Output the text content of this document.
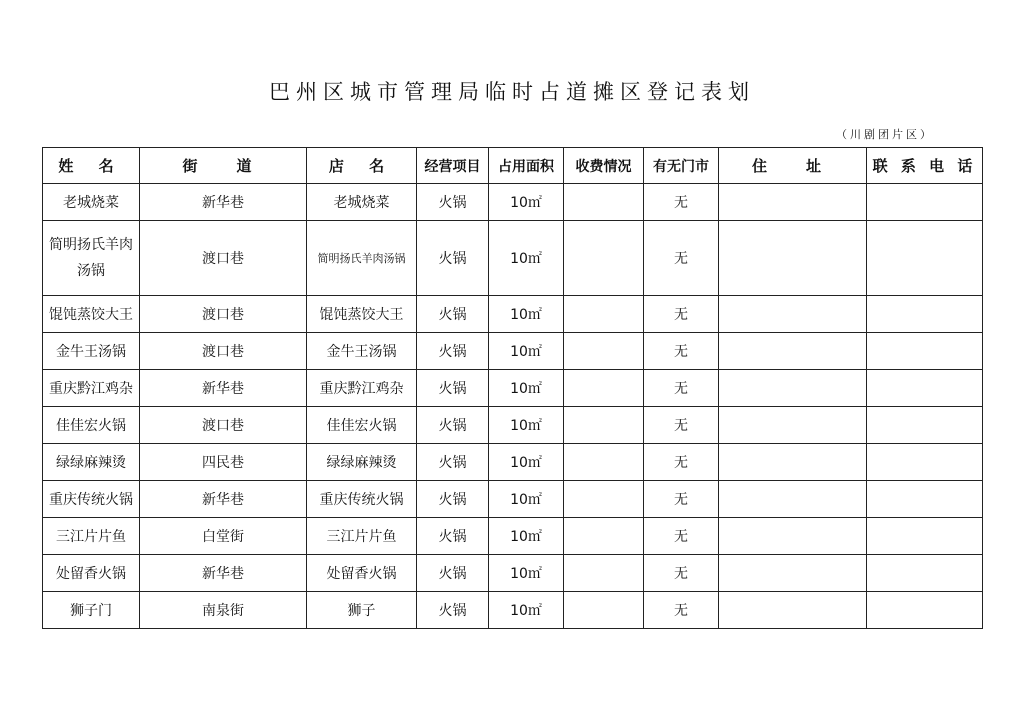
巴州区城市管理局临时占道摊区登记表划
（川剧团片区）
姓 名	街　道	店 名	经营项目	占用面积	收费情况	有无门市	住　址	联 系 电 话
老城烧菜	新华巷	老城烧菜	火锅	10㎡		无		
简明扬氏羊肉汤锅	渡口巷	简明扬氏羊肉汤锅	火锅	10㎡		无		
馄饨蒸饺大王	渡口巷	馄饨蒸饺大王	火锅	10㎡		无		
金牛王汤锅	渡口巷	金牛王汤锅	火锅	10㎡		无		
重庆黔江鸡杂	新华巷	重庆黔江鸡杂	火锅	10㎡		无		
佳佳宏火锅	渡口巷	佳佳宏火锅	火锅	10㎡		无		
绿绿麻辣烫	四民巷	绿绿麻辣烫	火锅	10㎡		无		
重庆传统火锅	新华巷	重庆传统火锅	火锅	10㎡		无		
三江片片鱼	白堂街	三江片片鱼	火锅	10㎡		无		
处留香火锅	新华巷	处留香火锅	火锅	10㎡		无		
狮子门	南泉街	狮子	火锅	10㎡		无		
